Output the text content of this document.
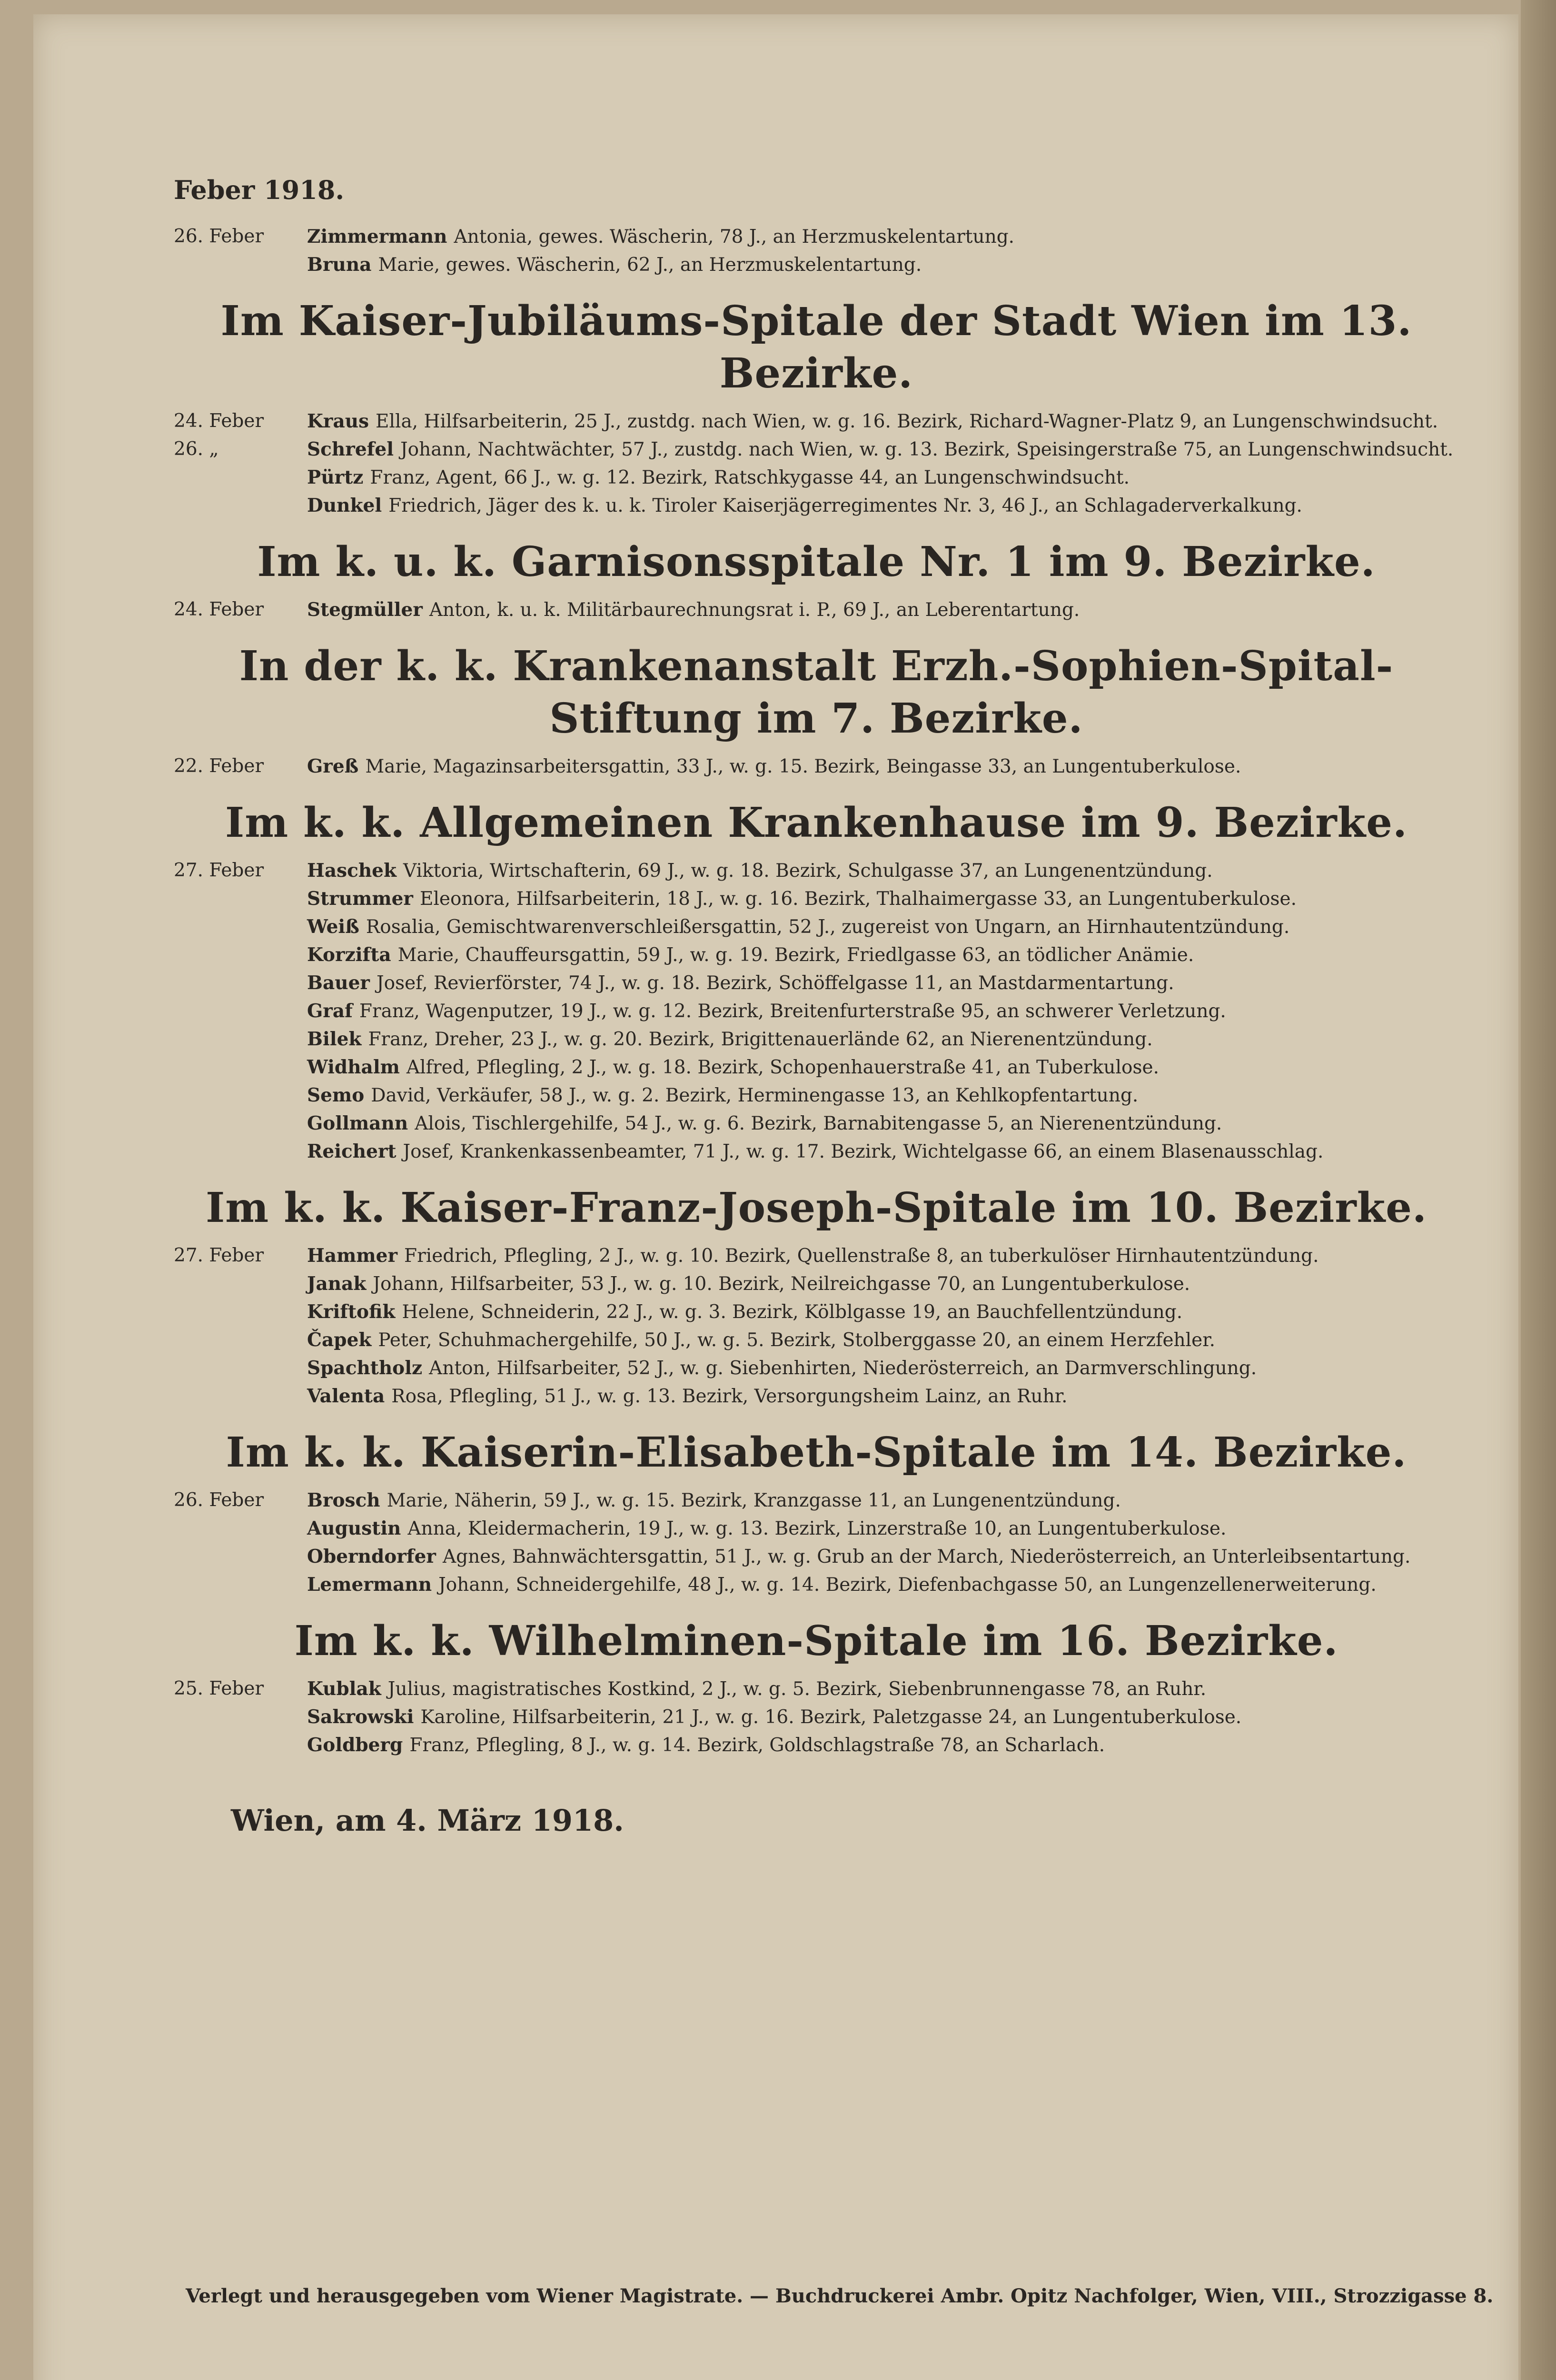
Feber 1918.
26. Feber	Zimmermann Antonia, gewes. Wäscherin, 78 J., an Herzmuskelentartung.
Bruna Marie, gewes. Wäscherin, 62 J., an Herzmuskelentartung.
Im Kaiser-Jubiläums-Spitale der Stadt Wien im 13. Bezirke.
24. Feber	Kraus Ella, Hilfsarbeiterin, 25 J., zustdg. nach Wien, w. g. 16. Bezirk, Richard-Wagner-Platz 9, an Lungenschwindsucht.
26. „	Schrefel Johann, Nachtwächter, 57 J., zustdg. nach Wien, w. g. 13. Bezirk, Speisingerstraße 75, an Lungenschwindsucht.
Pürtz Franz, Agent, 66 J., w. g. 12. Bezirk, Ratschkygasse 44, an Lungenschwindsucht.
Dunkel Friedrich, Jäger des k. u. k. Tiroler Kaiserjägerregimentes Nr. 3, 46 J., an Schlagaderverkalkung.
Im k. u. k. Garnisonsspitale Nr. 1 im 9. Bezirke.
24. Feber	Stegmüller Anton, k. u. k. Militärbaurechnungsrat i. P., 69 J., an Leberentartung.
In der k. k. Krankenanstalt Erzh.-Sophien-Spital-Stiftung im 7. Bezirke.
22. Feber	Greß Marie, Magazinsarbeitersgattin, 33 J., w. g. 15. Bezirk, Beingasse 33, an Lungentuberkulose.
Im k. k. Allgemeinen Krankenhause im 9. Bezirke.
27. Feber	Haschek Viktoria, Wirtschafterin, 69 J., w. g. 18. Bezirk, Schulgasse 37, an Lungenentzündung.
Strummer Eleonora, Hilfsarbeiterin, 18 J., w. g. 16. Bezirk, Thalhaimergasse 33, an Lungentuberkulose.
Weiß Rosalia, Gemischtwarenverschleißersgattin, 52 J., zugereist von Ungarn, an Hirnhautentzündung.
Korzifta Marie, Chauffeursgattin, 59 J., w. g. 19. Bezirk, Friedlgasse 63, an tödlicher Anämie.
Bauer Josef, Revierförster, 74 J., w. g. 18. Bezirk, Schöffelgasse 11, an Mastdarmentartung.
Graf Franz, Wagenputzer, 19 J., w. g. 12. Bezirk, Breitenfurterstraße 95, an schwerer Verletzung.
Bilek Franz, Dreher, 23 J., w. g. 20. Bezirk, Brigittenauerlände 62, an Nierenentzündung.
Widhalm Alfred, Pflegling, 2 J., w. g. 18. Bezirk, Schopenhauerstraße 41, an Tuberkulose.
Semo David, Verkäufer, 58 J., w. g. 2. Bezirk, Herminengasse 13, an Kehlkopfentartung.
Gollmann Alois, Tischlergehilfe, 54 J., w. g. 6. Bezirk, Barnabitengasse 5, an Nierenentzündung.
Reichert Josef, Krankenkassenbeamter, 71 J., w. g. 17. Bezirk, Wichtelgasse 66, an einem Blasenausschlag.
Im k. k. Kaiser-Franz-Joseph-Spitale im 10. Bezirke.
27. Feber	Hammer Friedrich, Pflegling, 2 J., w. g. 10. Bezirk, Quellenstraße 8, an tuberkulöser Hirnhautentzündung.
Janak Johann, Hilfsarbeiter, 53 J., w. g. 10. Bezirk, Neilreichgasse 70, an Lungentuberkulose.
Kriftofik Helene, Schneiderin, 22 J., w. g. 3. Bezirk, Kölblgasse 19, an Bauchfellentzündung.
Čapek Peter, Schuhmachergehilfe, 50 J., w. g. 5. Bezirk, Stolberggasse 20, an einem Herzfehler.
Spachtholz Anton, Hilfsarbeiter, 52 J., w. g. Siebenhirten, Niederösterreich, an Darmverschlingung.
Valenta Rosa, Pflegling, 51 J., w. g. 13. Bezirk, Versorgungsheim Lainz, an Ruhr.
Im k. k. Kaiserin-Elisabeth-Spitale im 14. Bezirke.
26. Feber	Brosch Marie, Näherin, 59 J., w. g. 15. Bezirk, Kranzgasse 11, an Lungenentzündung.
Augustin Anna, Kleidermacherin, 19 J., w. g. 13. Bezirk, Linzerstraße 10, an Lungentuberkulose.
Oberndorfer Agnes, Bahnwächtersgattin, 51 J., w. g. Grub an der March, Niederösterreich, an Unterleibsentartung.
Lemermann Johann, Schneidergehilfe, 48 J., w. g. 14. Bezirk, Diefenbachgasse 50, an Lungenzellenerweiterung.
Im k. k. Wilhelminen-Spitale im 16. Bezirke.
25. Feber	Kublak Julius, magistratisches Kostkind, 2 J., w. g. 5. Bezirk, Siebenbrunnengasse 78, an Ruhr.
Sakrowski Karoline, Hilfsarbeiterin, 21 J., w. g. 16. Bezirk, Paletzgasse 24, an Lungentuberkulose.
Goldberg Franz, Pflegling, 8 J., w. g. 14. Bezirk, Goldschlagstraße 78, an Scharlach.
Wien, am 4. März 1918.
Verlegt und herausgegeben vom Wiener Magistrate. — Buchdruckerei Ambr. Opitz Nachfolger, Wien, VIII., Strozzigasse 8.
